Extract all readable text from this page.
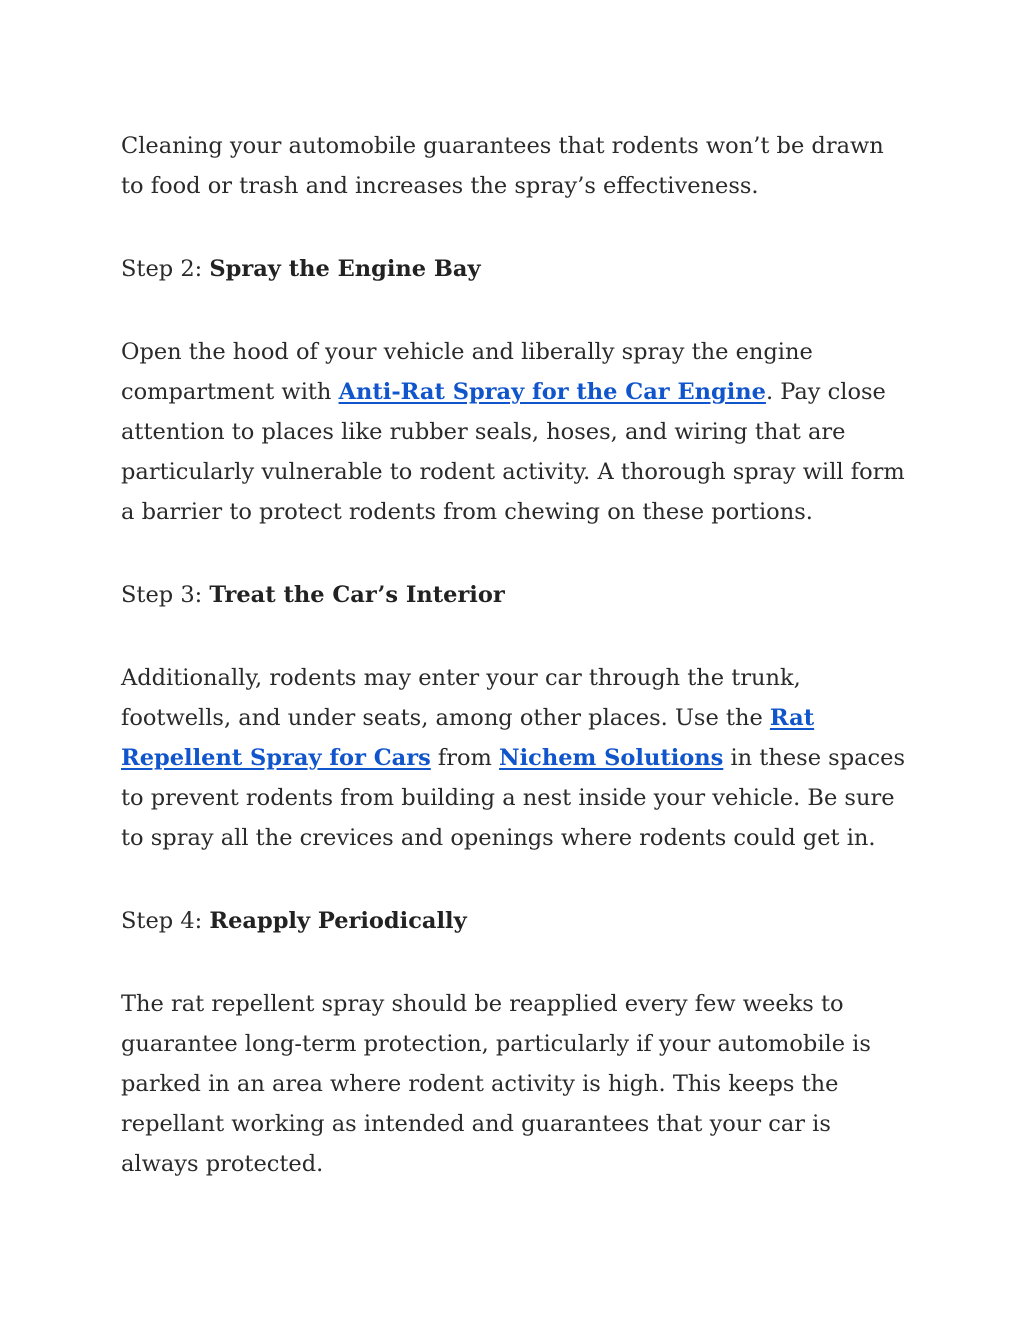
Cleaning your automobile guarantees that rodents won’t be drawn to food or trash and increases the spray’s effectiveness.

Step 2: Spray the Engine Bay

Open the hood of your vehicle and liberally spray the engine compartment with Anti-Rat Spray for the Car Engine. Pay close attention to places like rubber seals, hoses, and wiring that are particularly vulnerable to rodent activity. A thorough spray will form a barrier to protect rodents from chewing on these portions.

Step 3: Treat the Car’s Interior

Additionally, rodents may enter your car through the trunk, footwells, and under seats, among other places. Use the Rat Repellent Spray for Cars from Nichem Solutions in these spaces to prevent rodents from building a nest inside your vehicle. Be sure to spray all the crevices and openings where rodents could get in.

Step 4: Reapply Periodically

The rat repellent spray should be reapplied every few weeks to guarantee long-term protection, particularly if your automobile is parked in an area where rodent activity is high. This keeps the repellant working as intended and guarantees that your car is always protected.
